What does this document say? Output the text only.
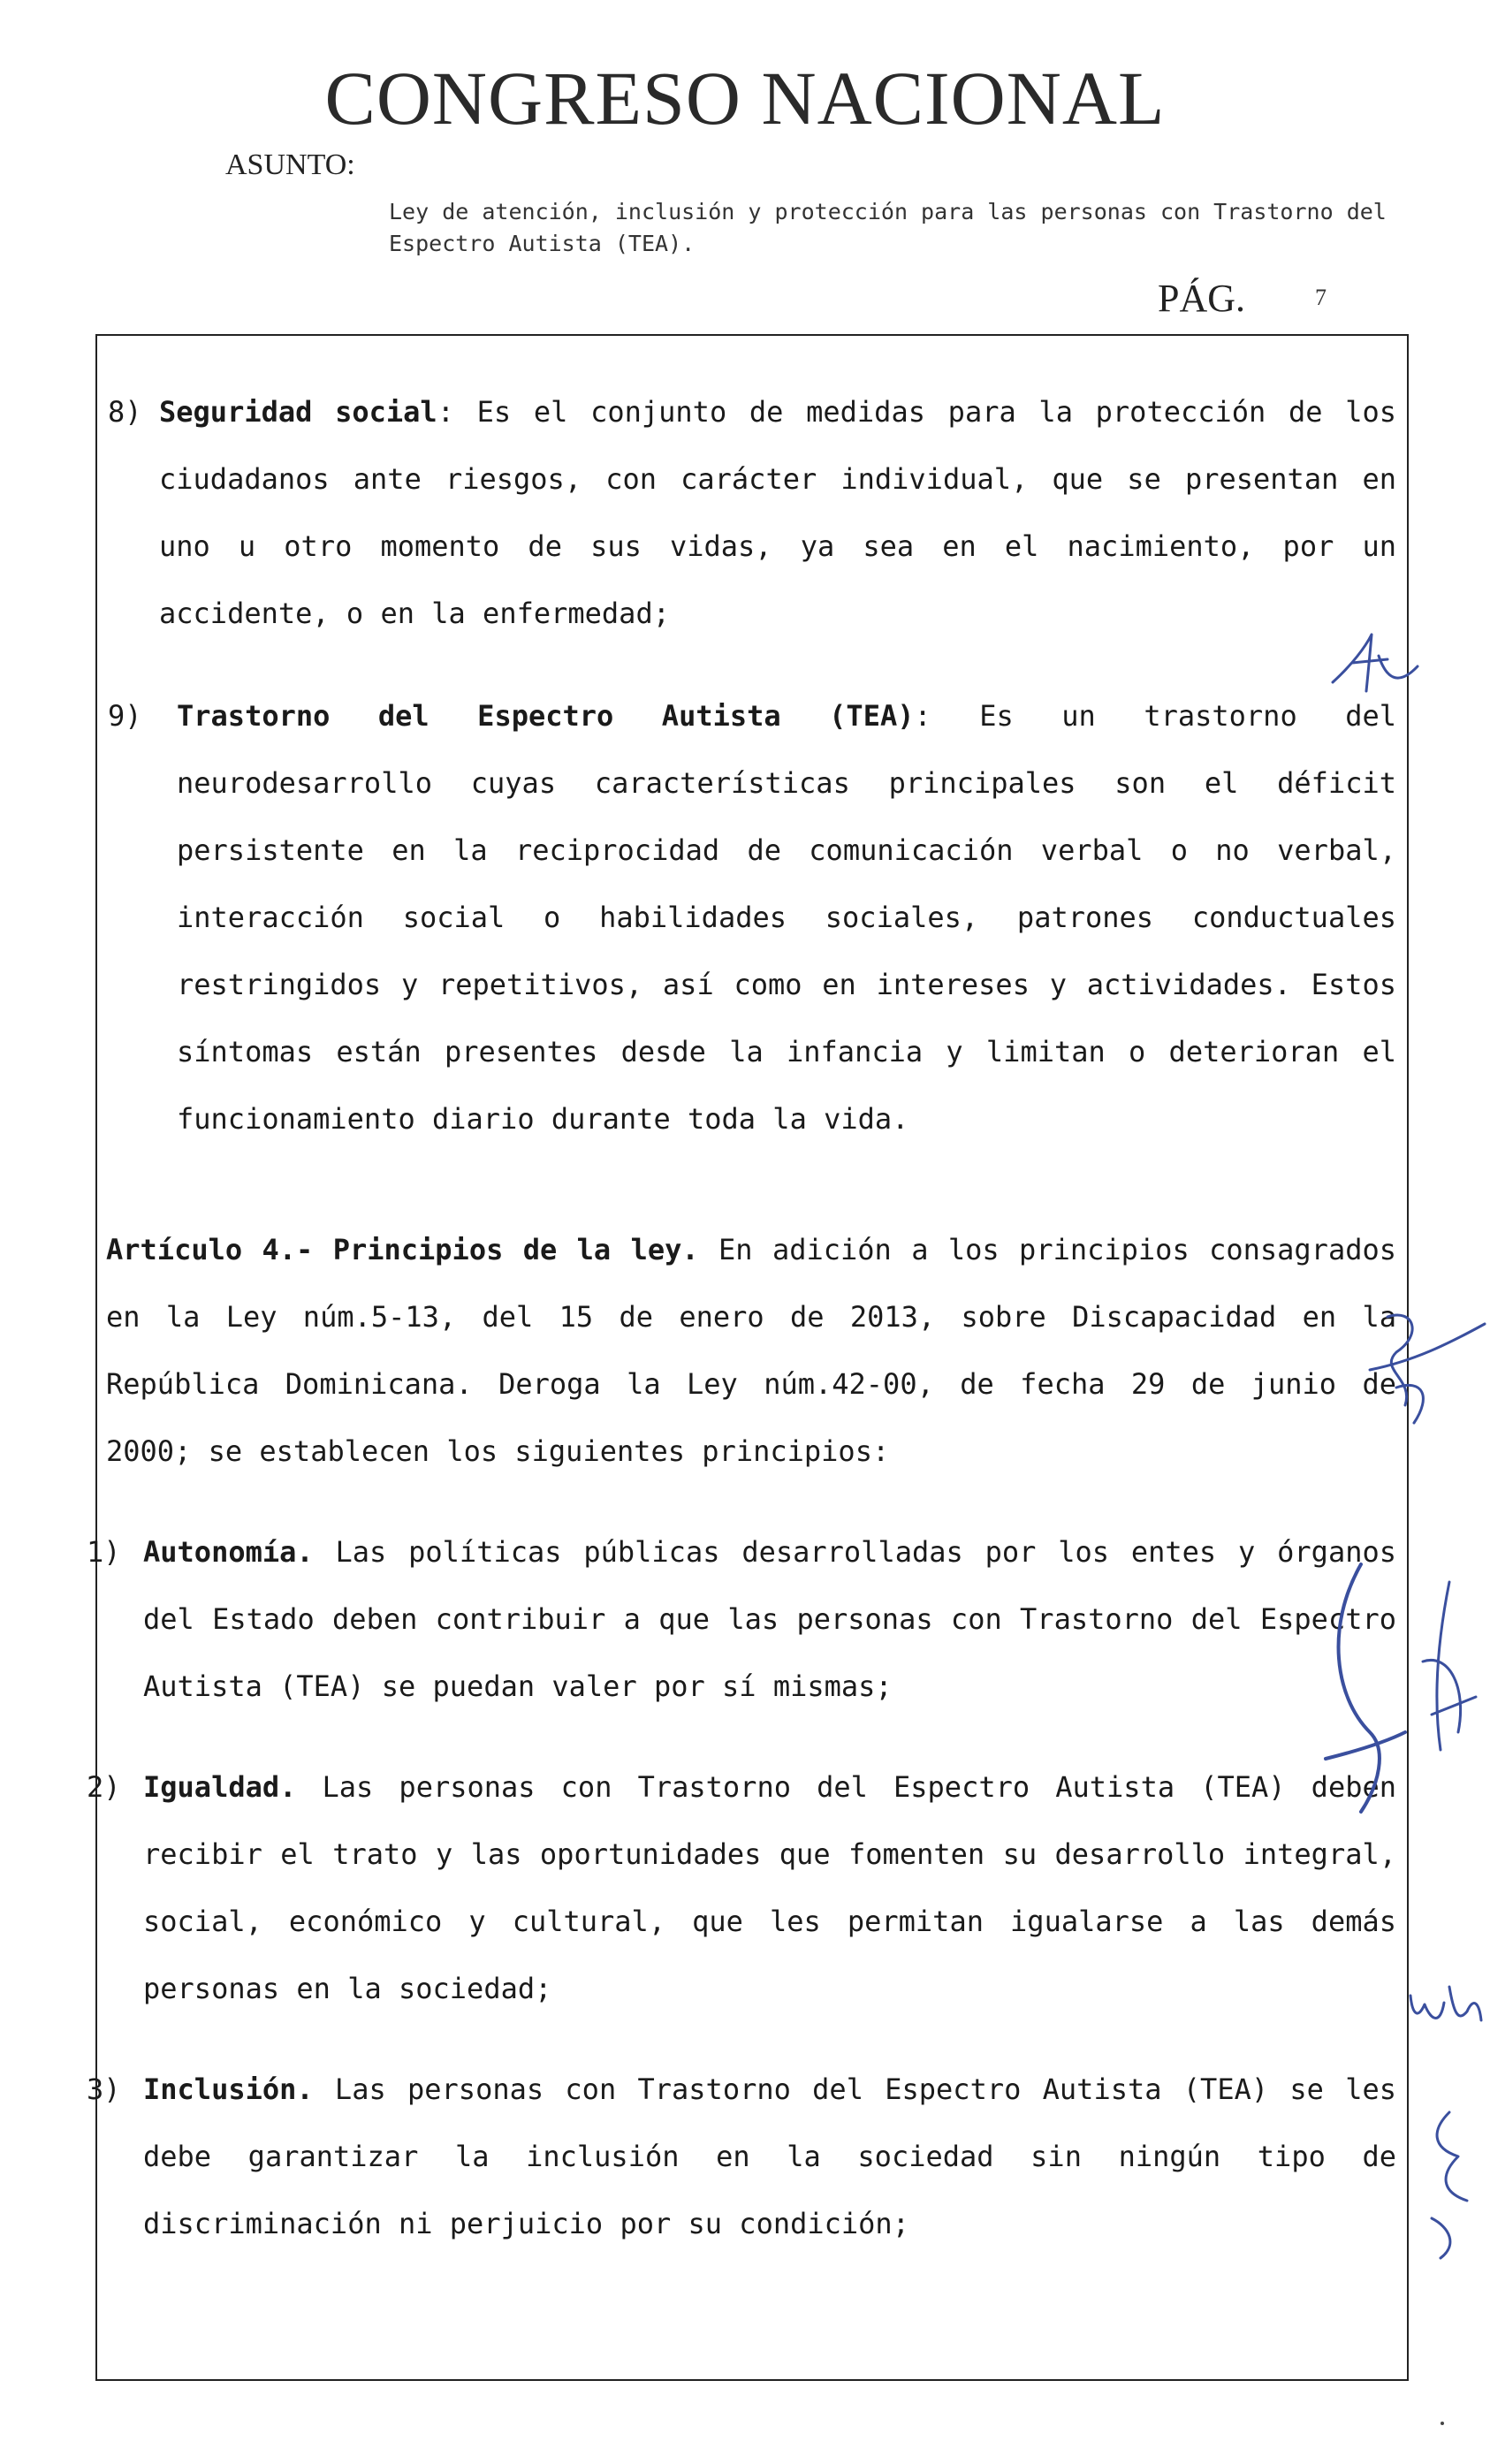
CONGRESO NACIONAL
ASUNTO:
Ley de atención, inclusión y protección para las personas con Trastorno del Espectro Autista (TEA).
PÁG.	7
8) Seguridad social: Es el conjunto de medidas para la protección de los ciudadanos ante riesgos, con carácter individual, que se presentan en uno u otro momento de sus vidas, ya sea en el nacimiento, por un accidente, o en la enfermedad;

9) Trastorno del Espectro Autista (TEA): Es un trastorno del neurodesarrollo cuyas características principales son el déficit persistente en la reciprocidad de comunicación verbal o no verbal, interacción social o habilidades sociales, patrones conductuales restringidos y repetitivos, así como en intereses y actividades. Estos síntomas están presentes desde la infancia y limitan o deterioran el funcionamiento diario durante toda la vida.

Artículo 4.- Principios de la ley. En adición a los principios consagrados en la Ley núm.5-13, del 15 de enero de 2013, sobre Discapacidad en la República Dominicana. Deroga la Ley núm.42-00, de fecha 29 de junio de 2000; se establecen los siguientes principios:

1) Autonomía. Las políticas públicas desarrolladas por los entes y órganos del Estado deben contribuir a que las personas con Trastorno del Espectro Autista (TEA) se puedan valer por sí mismas;

2) Igualdad. Las personas con Trastorno del Espectro Autista (TEA) deben recibir el trato y las oportunidades que fomenten su desarrollo integral, social, económico y cultural, que les permitan igualarse a las demás personas en la sociedad;

3) Inclusión. Las personas con Trastorno del Espectro Autista (TEA) se les debe garantizar la inclusión en la sociedad sin ningún tipo de discriminación ni perjuicio por su condición;
